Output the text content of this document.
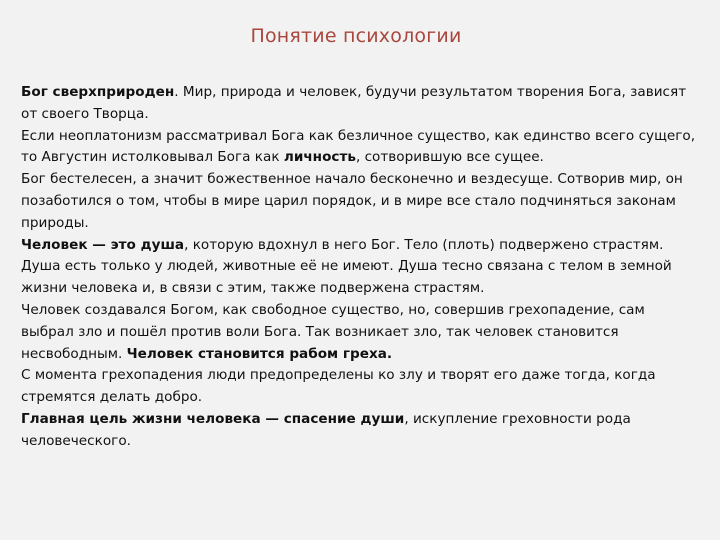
Понятие психологии

Бог сверхприроден. Мир, природа и человек, будучи результатом творения Бога, зависят от своего Творца.

Если неоплатонизм рассматривал Бога как безличное существо, как единство всего сущего, то Августин истолковывал Бога как личность, сотворившую все сущее.

Бог бестелесен, а значит божественное начало бесконечно и вездесуще. Сотворив мир, он позаботился о том, чтобы в мире царил порядок, и в мире все стало подчиняться законам природы.

Человек — это душа, которую вдохнул в него Бог. Тело (плоть) подвержено страстям. Душа есть только у людей, животные её не имеют. Душа тесно связана с телом в земной жизни человека и, в связи с этим, также подвержена страстям.

Человек создавался Богом, как свободное существо, но, совершив грехопадение, сам выбрал зло и пошёл против воли Бога. Так возникает зло, так человек становится несвободным. Человек становится рабом греха.

С момента грехопадения люди предопределены ко злу и творят его даже тогда, когда стремятся делать добро.

Главная цель жизни человека — спасение души, искупление греховности рода человеческого.
